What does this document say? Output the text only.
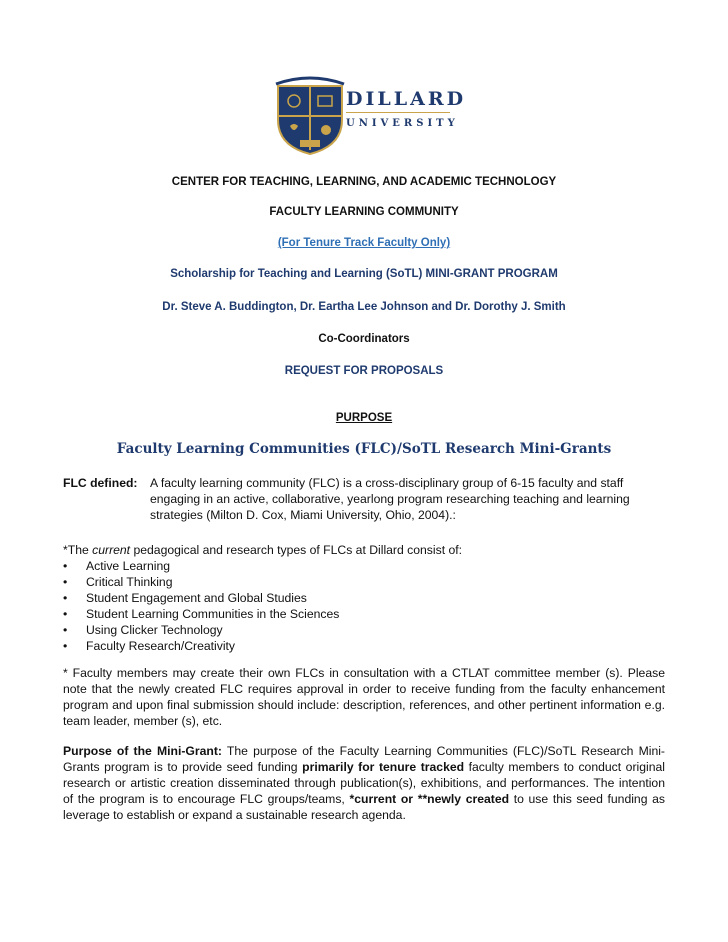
DILLARD
UNIVERSITY
CENTER FOR TEACHING, LEARNING, AND ACADEMIC TECHNOLOGY
FACULTY LEARNING COMMUNITY
(For Tenure Track Faculty Only)
Scholarship for Teaching and Learning (SoTL) MINI-GRANT PROGRAM
Dr. Steve A. Buddington, Dr. Eartha Lee Johnson and Dr. Dorothy J. Smith
Co-Coordinators
REQUEST FOR PROPOSALS
PURPOSE
Faculty Learning Communities (FLC)/SoTL Research Mini-Grants
FLC defined: A faculty learning community (FLC) is a cross-disciplinary group of 6-15 faculty and staff engaging in an active, collaborative, yearlong program researching teaching and learning strategies (Milton D. Cox, Miami University, Ohio, 2004).:
*The current pedagogical and research types of FLCs at Dillard consist of:
• Active Learning
• Critical Thinking
• Student Engagement and Global Studies
• Student Learning Communities in the Sciences
• Using Clicker Technology
• Faculty Research/Creativity
* Faculty members may create their own FLCs in consultation with a CTLAT committee member (s). Please note that the newly created FLC requires approval in order to receive funding from the faculty enhancement program and upon final submission should include: description, references, and other pertinent information e.g. team leader, member (s), etc.
Purpose of the Mini-Grant: The purpose of the Faculty Learning Communities (FLC)/SoTL Research Mini-Grants program is to provide seed funding primarily for tenure tracked faculty members to conduct original research or artistic creation disseminated through publication(s), exhibitions, and performances. The intention of the program is to encourage FLC groups/teams, *current or **newly created to use this seed funding as leverage to establish or expand a sustainable research agenda.
